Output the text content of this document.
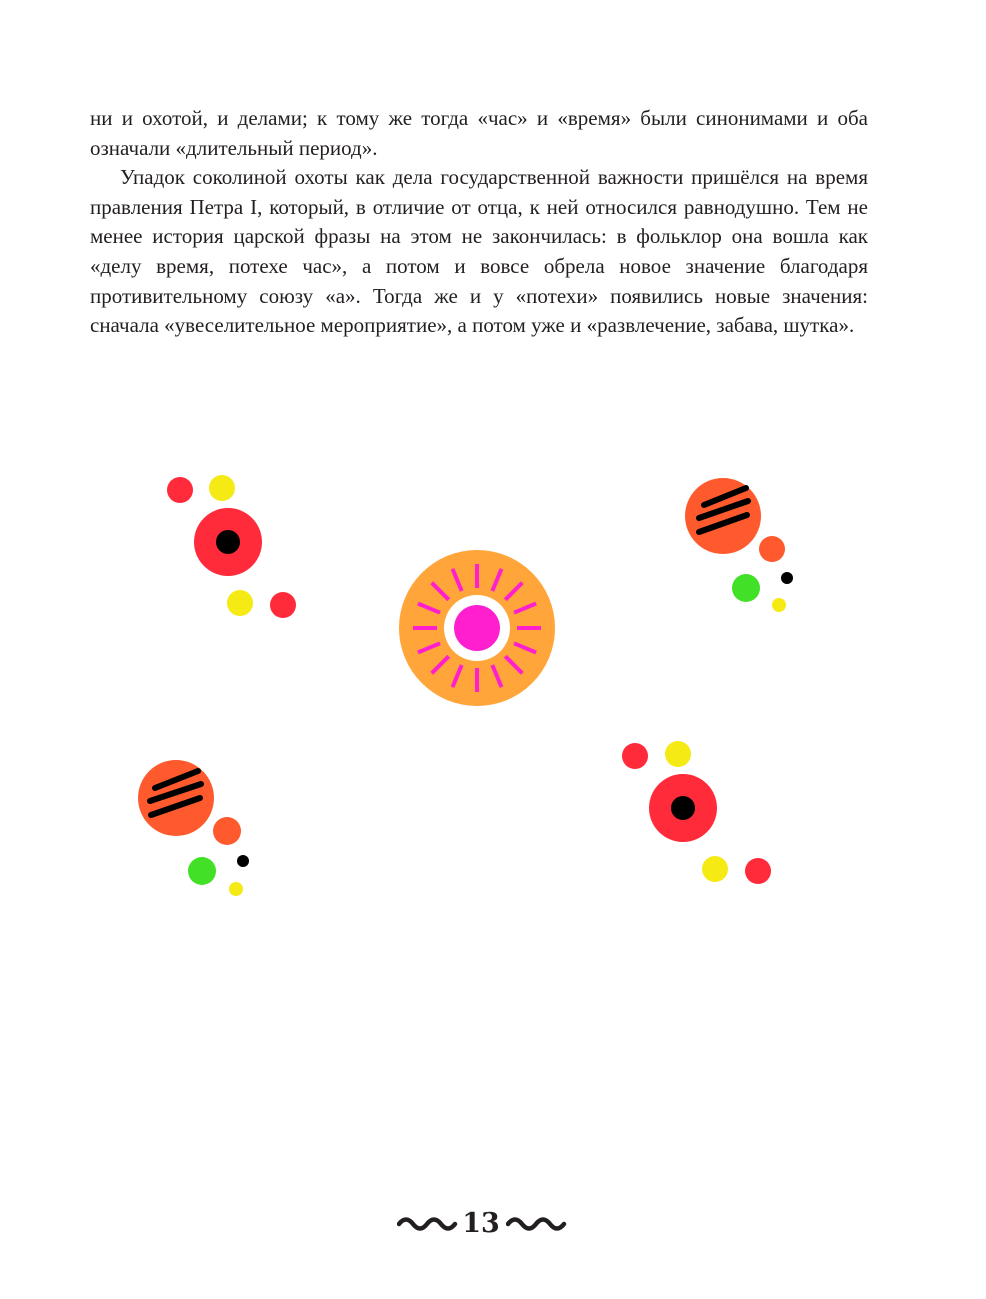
ни и охотой, и делами; к тому же тогда «час» и «время» были синонимами и оба означали «длительный период».

Упадок соколиной охоты как дела государственной важности пришёлся на время правления Петра I, который, в отличие от отца, к ней относился равнодушно. Тем не менее история царской фразы на этом не закончилась: в фольклор она вошла как «делу время, потехе час», а потом и вовсе обрела новое значение благодаря противительному союзу «а». Тогда же и у «потехи» появились новые значения: сначала «увеселительное мероприятие», а потом уже и «развлечение, забава, шутка».

13
